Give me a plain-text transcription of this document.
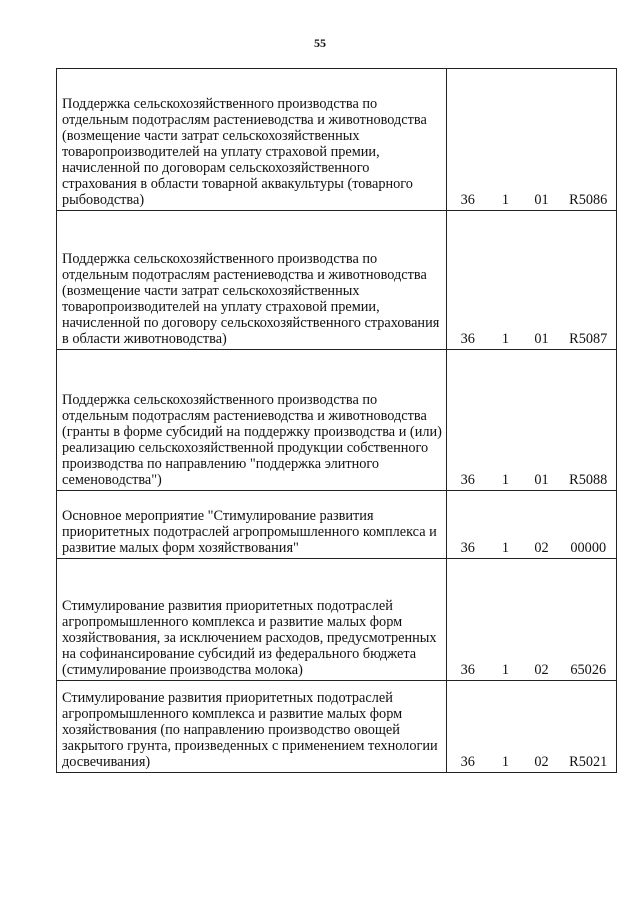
55
Поддержка сельскохозяйственного производства по отдельным подотраслям растениеводства и животноводства (возмещение части затрат сельскохозяйственных товаропроизводителей на уплату страховой премии, начисленной по договорам сельскохозяйственного страхования в области товарной аквакультуры (товарного рыбоводства)	36	1	01	R5086
Поддержка сельскохозяйственного производства по отдельным подотраслям растениеводства и животноводства (возмещение части затрат сельскохозяйственных товаропроизводителей на уплату страховой премии, начисленной по договору сельскохозяйственного страхования в области животноводства)	36	1	01	R5087
Поддержка сельскохозяйственного производства по отдельным подотраслям растениеводства и животноводства (гранты в форме субсидий на поддержку производства и (или) реализацию сельскохозяйственной продукции собственного производства по направлению "поддержка элитного семеноводства")	36	1	01	R5088
Основное мероприятие "Стимулирование развития приоритетных подотраслей агропромышленного комплекса и развитие малых форм хозяйствования"	36	1	02	00000
Стимулирование развития приоритетных подотраслей агропромышленного комплекса и развитие малых форм хозяйствования, за исключением расходов, предусмотренных на софинансирование субсидий из федерального бюджета (стимулирование производства молока)	36	1	02	65026
Стимулирование развития приоритетных подотраслей агропромышленного комплекса и развитие малых форм хозяйствования (по направлению производство овощей закрытого грунта, произведенных с применением технологии досвечивания)	36	1	02	R5021
